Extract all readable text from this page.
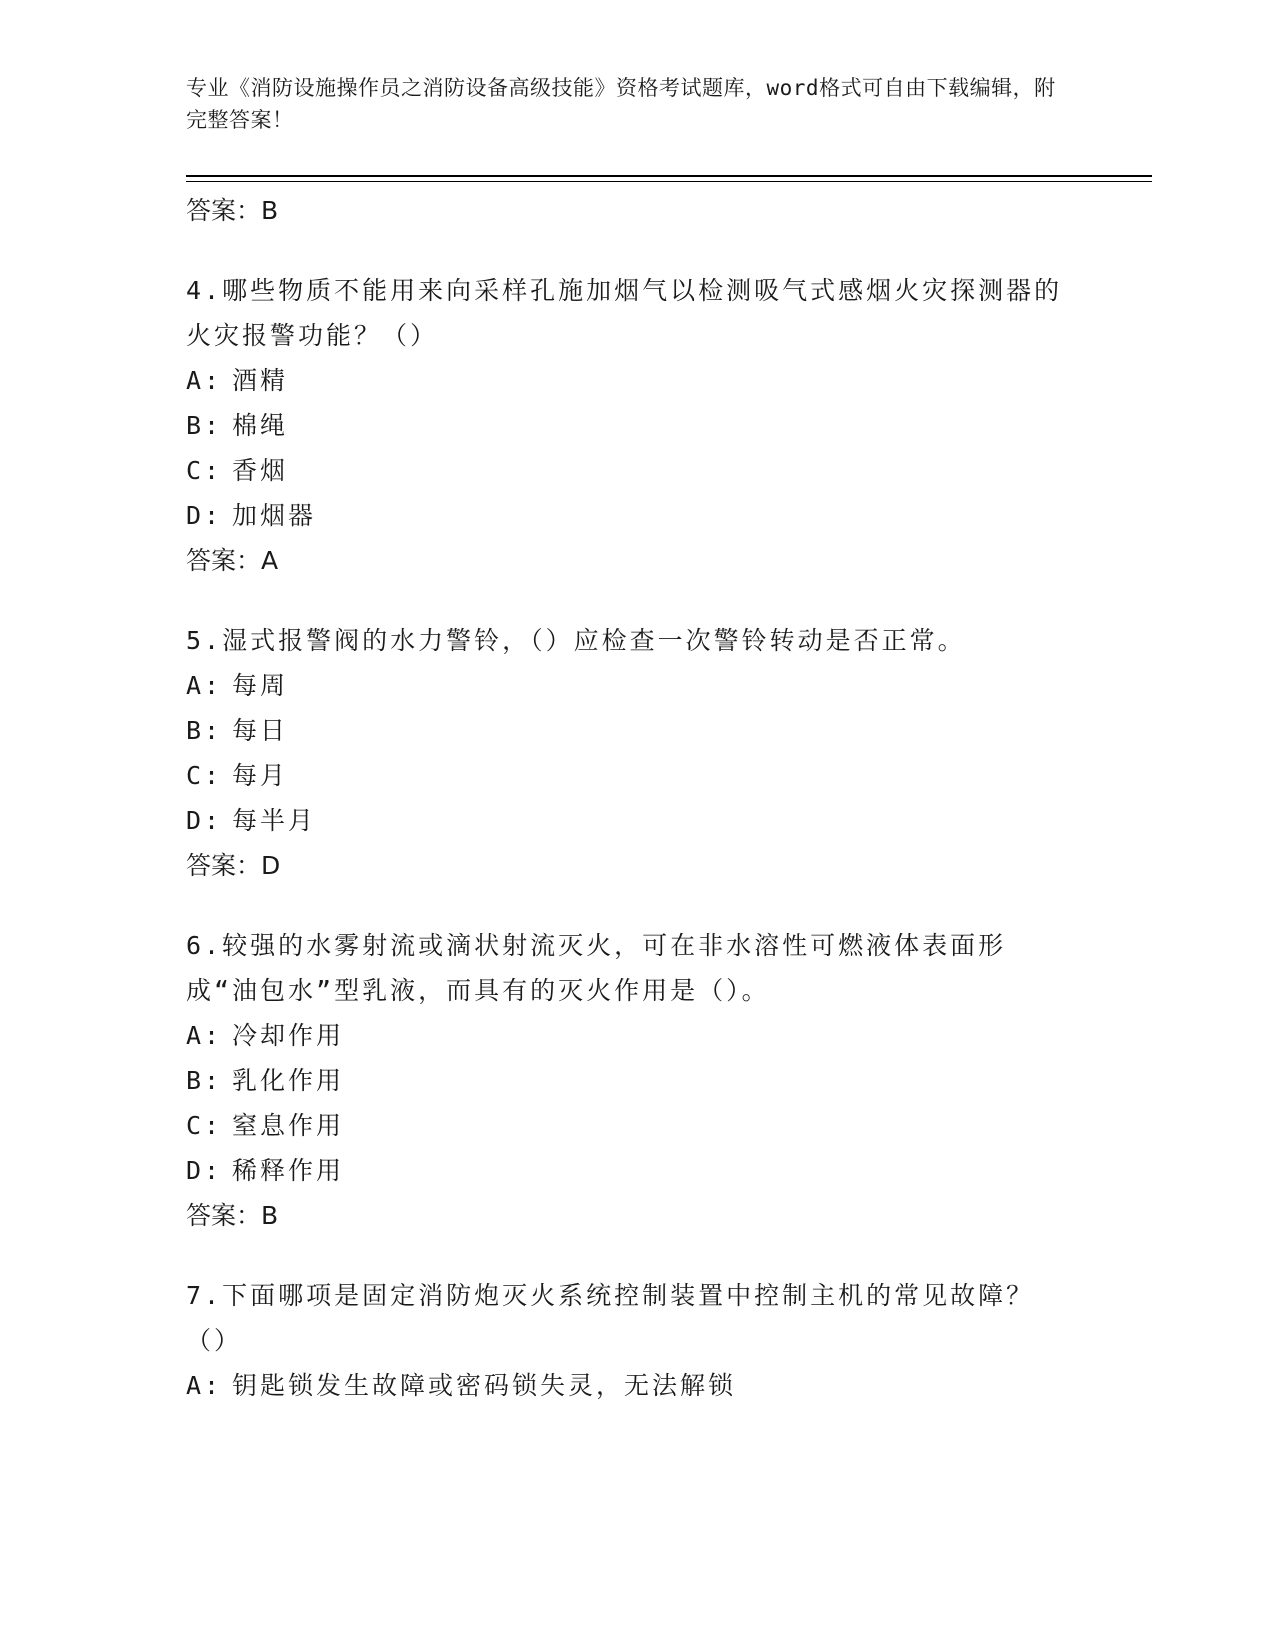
专业《消防设施操作员之消防设备高级技能》资格考试题库，word格式可自由下载编辑，附完整答案！
答案：B
4.哪些物质不能用来向采样孔施加烟气以检测吸气式感烟火灾探测器的火灾报警功能？（）
A: 酒精
B: 棉绳
C: 香烟
D: 加烟器
答案：A
5.湿式报警阀的水力警铃，（）应检查一次警铃转动是否正常。
A: 每周
B: 每日
C: 每月
D: 每半月
答案：D
6.较强的水雾射流或滴状射流灭火，可在非水溶性可燃液体表面形成“油包水”型乳液，而具有的灭火作用是（）。
A: 冷却作用
B: 乳化作用
C: 窒息作用
D: 稀释作用
答案：B
7.下面哪项是固定消防炮灭火系统控制装置中控制主机的常见故障？（）
A: 钥匙锁发生故障或密码锁失灵，无法解锁
